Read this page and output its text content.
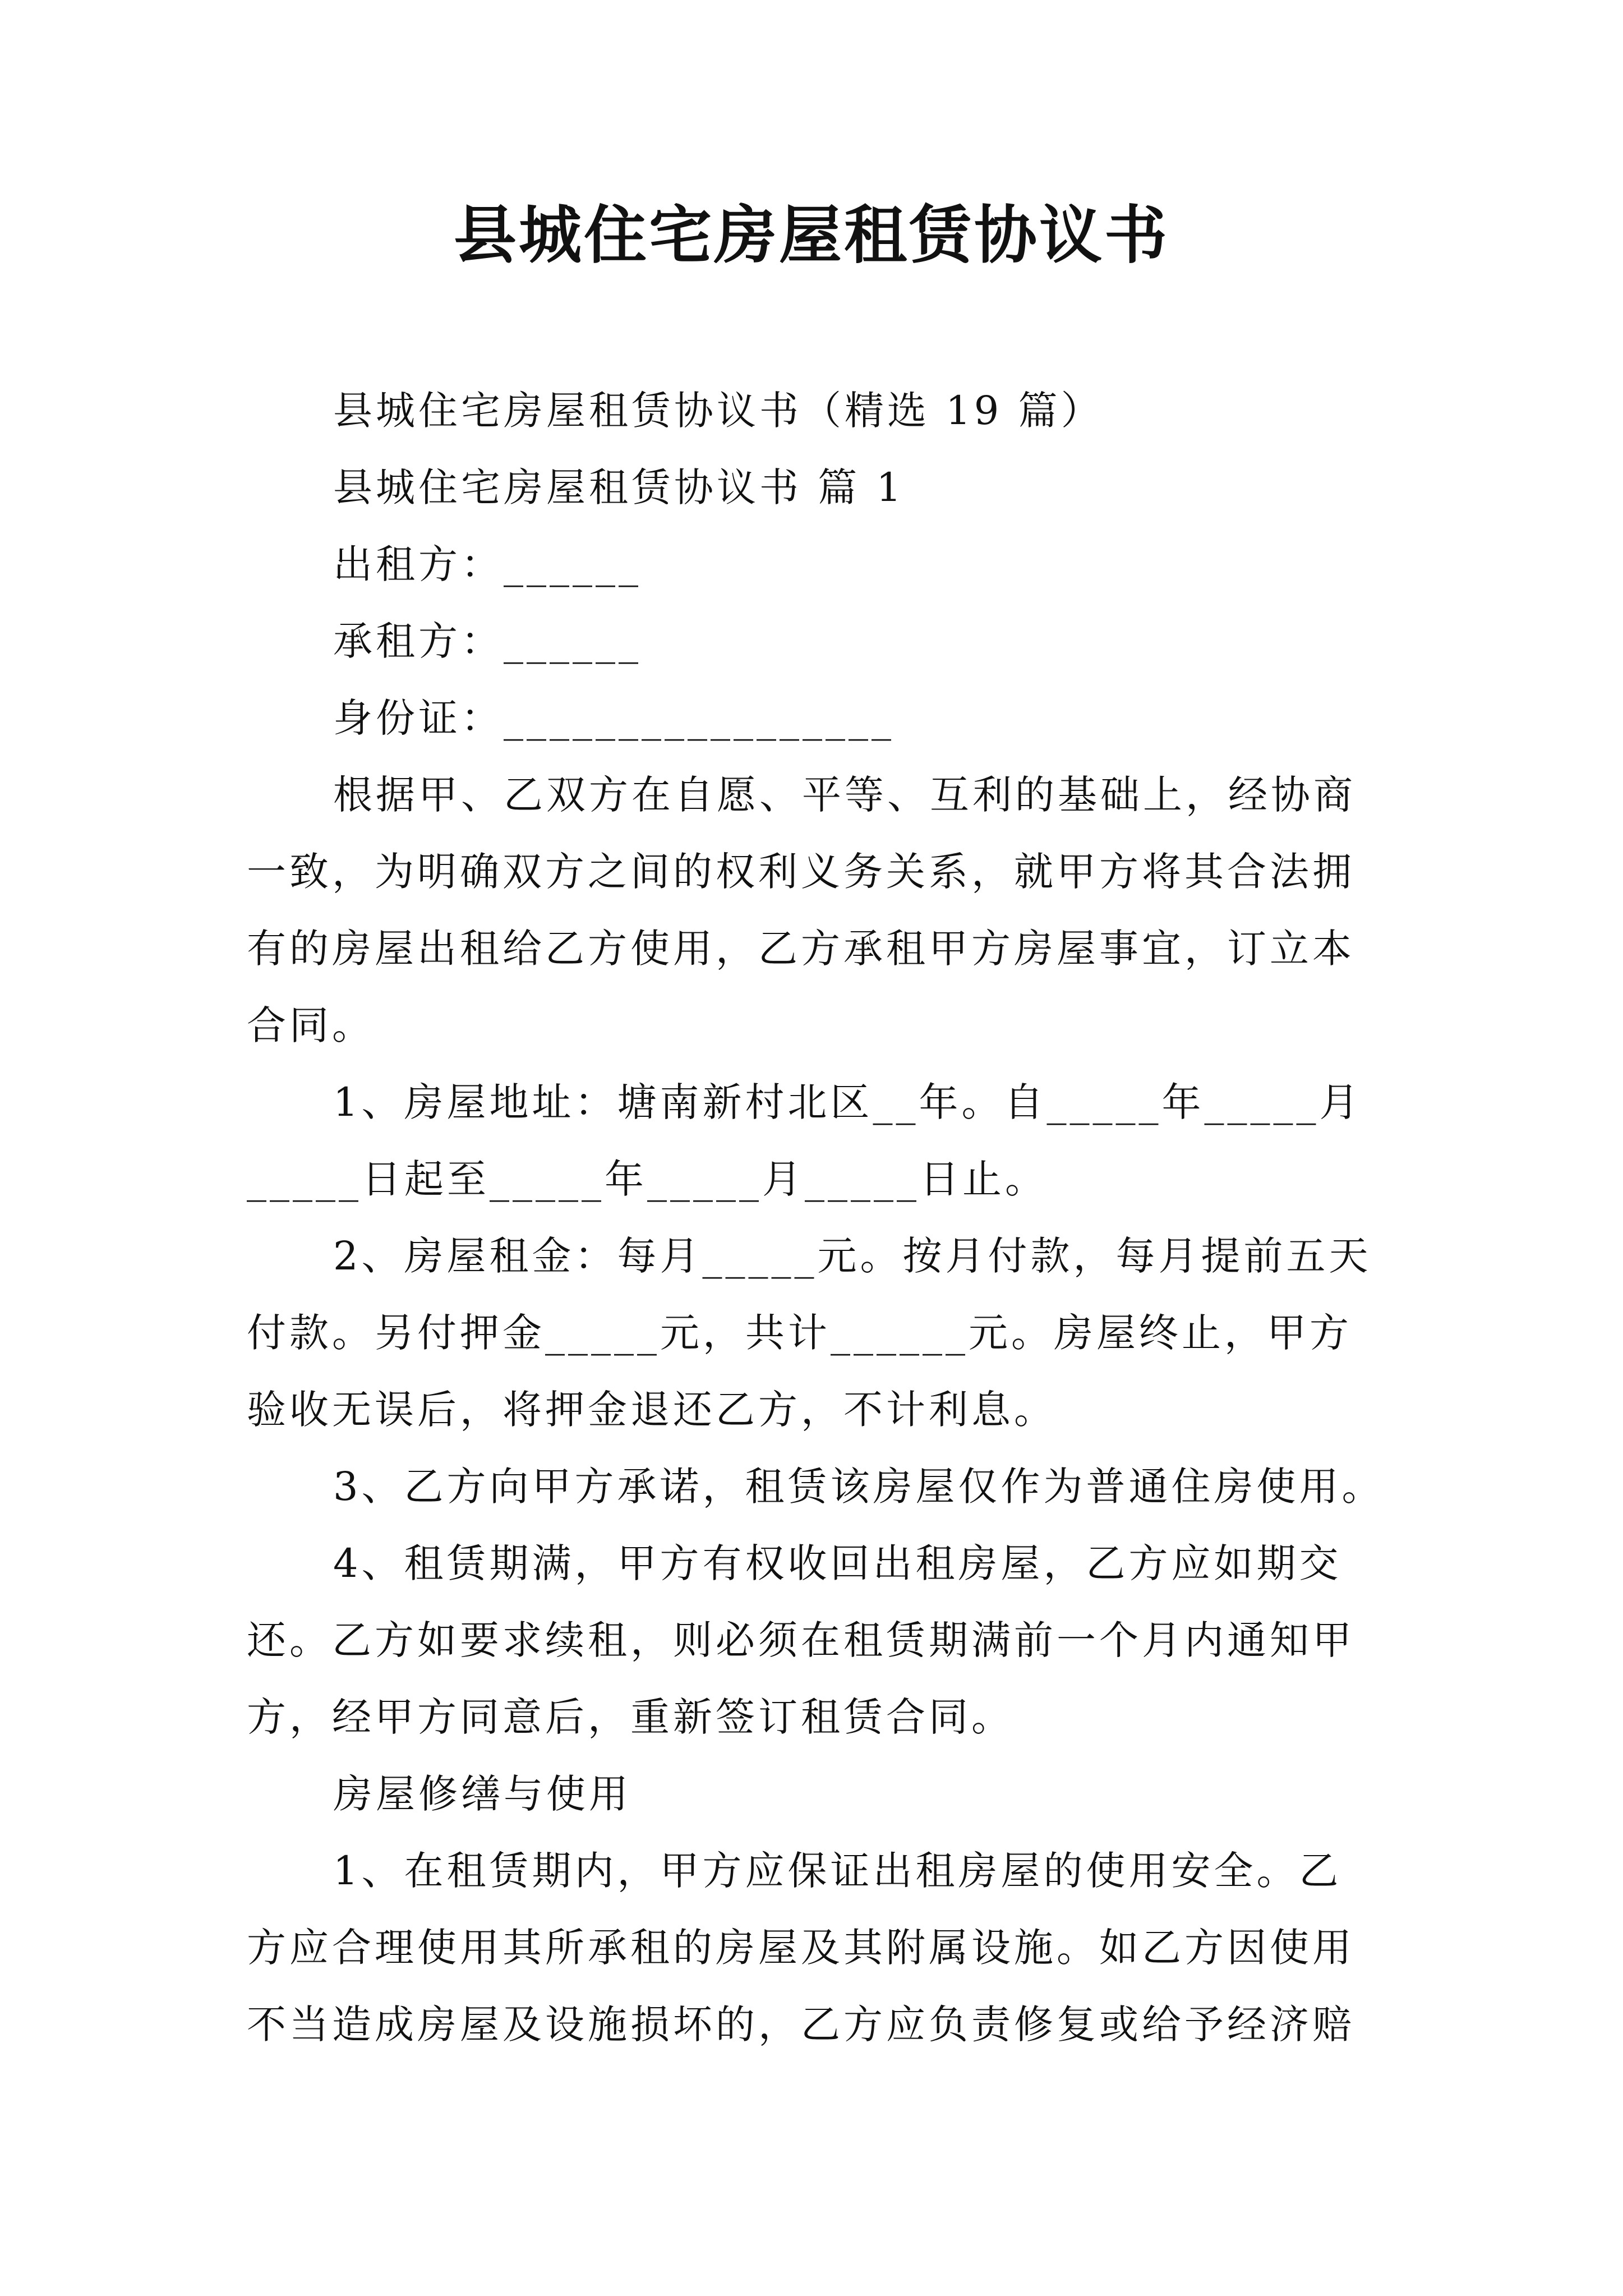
县城住宅房屋租赁协议书

县城住宅房屋租赁协议书（精选 19 篇）

县城住宅房屋租赁协议书 篇 1

出租方：______

承租方：______

身份证：_________________

根据甲、乙双方在自愿、平等、互利的基础上，经协商

一致，为明确双方之间的权利义务关系，就甲方将其合法拥

有的房屋出租给乙方使用，乙方承租甲方房屋事宜，订立本

合同。

1、房屋地址：塘南新村北区__年。自_____年_____月

_____日起至_____年_____月_____日止。

2、房屋租金：每月_____元。按月付款，每月提前五天

付款。另付押金_____元，共计______元。房屋终止，甲方

验收无误后，将押金退还乙方，不计利息。

3、乙方向甲方承诺，租赁该房屋仅作为普通住房使用。

4、租赁期满，甲方有权收回出租房屋，乙方应如期交

还。乙方如要求续租，则必须在租赁期满前一个月内通知甲

方，经甲方同意后，重新签订租赁合同。

房屋修缮与使用

1、在租赁期内，甲方应保证出租房屋的使用安全。乙

方应合理使用其所承租的房屋及其附属设施。如乙方因使用

不当造成房屋及设施损坏的，乙方应负责修复或给予经济赔
